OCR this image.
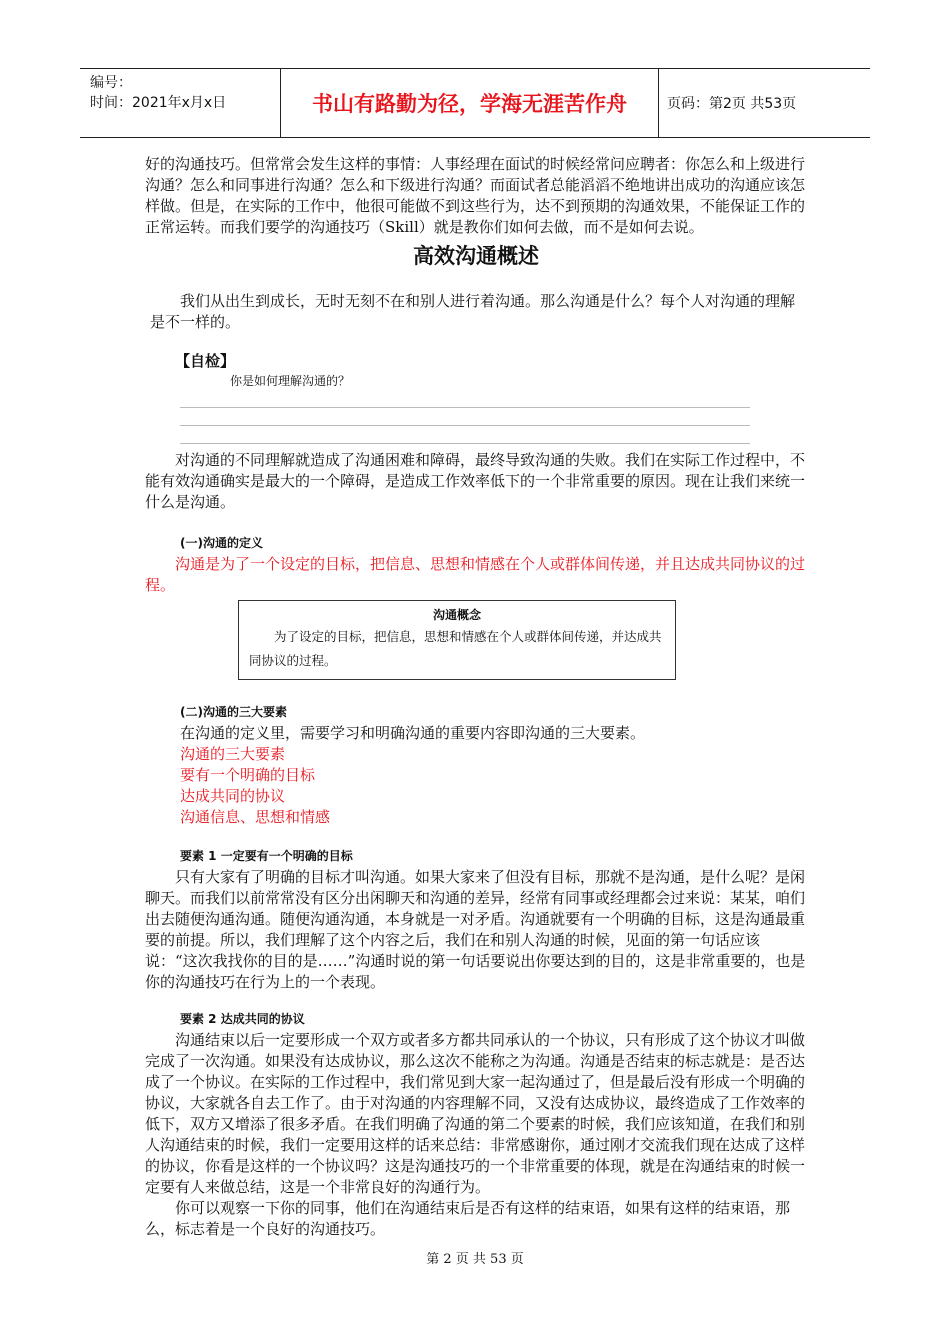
编号：
时间：2021年x月x日	书山有路勤为径，学海无涯苦作舟	页码：第2页 共53页

好的沟通技巧。但常常会发生这样的事情：人事经理在面试的时候经常问应聘者：你怎么和上级进行沟通？怎么和同事进行沟通？怎么和下级进行沟通？而面试者总能滔滔不绝地讲出成功的沟通应该怎样做。但是，在实际的工作中，他很可能做不到这些行为，达不到预期的沟通效果，不能保证工作的正常运转。而我们要学的沟通技巧（Skill）就是教你们如何去做，而不是如何去说。

高效沟通概述

我们从出生到成长，无时无刻不在和别人进行着沟通。那么沟通是什么？每个人对沟通的理解是不一样的。

【自检】
你是如何理解沟通的？

对沟通的不同理解就造成了沟通困难和障碍，最终导致沟通的失败。我们在实际工作过程中，不能有效沟通确实是最大的一个障碍，是造成工作效率低下的一个非常重要的原因。现在让我们来统一什么是沟通。

(一)沟通的定义

沟通是为了一个设定的目标，把信息、思想和情感在个人或群体间传递，并且达成共同协议的过程。

沟通概念
为了设定的目标，把信息，思想和情感在个人或群体间传递，并达成共同协议的过程。
(二)沟通的三大要素
在沟通的定义里，需要学习和明确沟通的重要内容即沟通的三大要素。
沟通的三大要素
要有一个明确的目标
达成共同的协议
沟通信息、思想和情感
要素 1 一定要有一个明确的目标

只有大家有了明确的目标才叫沟通。如果大家来了但没有目标，那就不是沟通，是什么呢？是闲聊天。而我们以前常常没有区分出闲聊天和沟通的差异，经常有同事或经理都会过来说：某某，咱们出去随便沟通沟通。随便沟通沟通，本身就是一对矛盾。沟通就要有一个明确的目标，这是沟通最重要的前提。所以，我们理解了这个内容之后，我们在和别人沟通的时候，见面的第一句话应该说：“这次我找你的目的是……”沟通时说的第一句话要说出你要达到的目的，这是非常重要的，也是你的沟通技巧在行为上的一个表现。

要素 2 达成共同的协议

沟通结束以后一定要形成一个双方或者多方都共同承认的一个协议，只有形成了这个协议才叫做完成了一次沟通。如果没有达成协议，那么这次不能称之为沟通。沟通是否结束的标志就是：是否达成了一个协议。在实际的工作过程中，我们常见到大家一起沟通过了，但是最后没有形成一个明确的协议，大家就各自去工作了。由于对沟通的内容理解不同，又没有达成协议，最终造成了工作效率的低下，双方又增添了很多矛盾。在我们明确了沟通的第二个要素的时候，我们应该知道，在我们和别人沟通结束的时候，我们一定要用这样的话来总结：非常感谢你，通过刚才交流我们现在达成了这样的协议，你看是这样的一个协议吗？这是沟通技巧的一个非常重要的体现，就是在沟通结束的时候一定要有人来做总结，这是一个非常良好的沟通行为。

你可以观察一下你的同事，他们在沟通结束后是否有这样的结束语，如果有这样的结束语，那么，标志着是一个良好的沟通技巧。

第 2 页 共 53 页
